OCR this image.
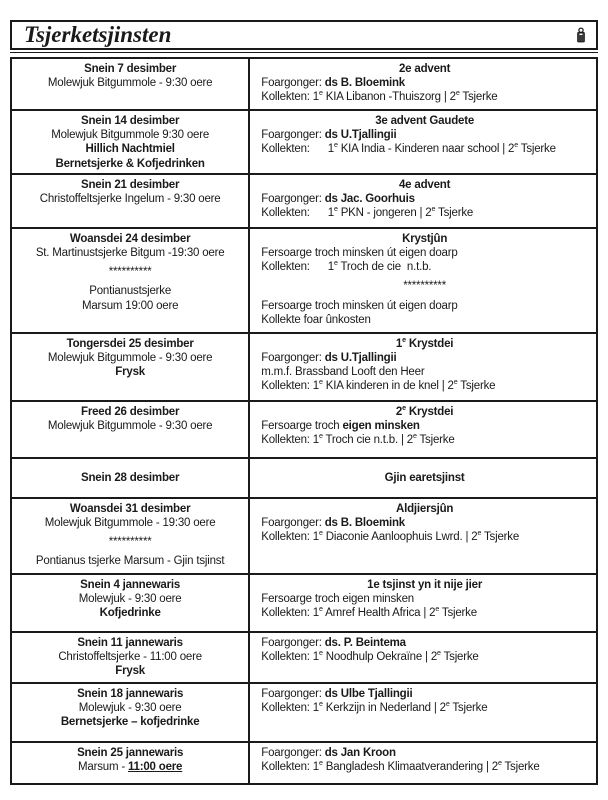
Tsjerketsjinsten
Snein 7 desimber
Molewjuk Bitgummole - 9:30 oere
2e advent
Foargonger: ds B. Bloemink
Kollekten: 1e KIA Libanon -Thuiszorg | 2e Tsjerke
Snein 14 desimber
Molewjuk Bitgummole 9:30 oere
Hillich Nachtmiel
Bernetsjerke & Kofjedrinken
3e advent Gaudete
Foargonger: ds U.Tjallingii
Kollekten:      1e KIA India - Kinderen naar school | 2e Tsjerke
Snein 21 desimber
Christoffeltsjerke Ingelum - 9:30 oere
4e advent
Foargonger: ds Jac. Goorhuis
Kollekten:      1e PKN - jongeren | 2e Tsjerke
Woansdei 24 desimber
St. Martinustsjerke Bitgum -19:30 oere
**********
Pontianustsjerke
Marsum 19:00 oere
Krystjûn
Fersoarge troch minsken út eigen doarp
Kollekten:      1e Troch de cie  n.t.b.
**********
Fersoarge troch minsken út eigen doarp
Kollekte foar ûnkosten
Tongersdei 25 desimber
Molewjuk Bitgummole - 9:30 oere
Frysk
1e Krystdei
Foargonger: ds U.Tjallingii
m.m.f. Brassband Looft den Heer
Kollekten: 1e KIA kinderen in de knel | 2e Tsjerke
Freed 26 desimber
Molewjuk Bitgummole - 9:30 oere
2e Krystdei
Fersoarge troch eigen minsken
Kollekten: 1e Troch cie n.t.b. | 2e Tsjerke
Snein 28 desimber	Gjin earetsjinst
Woansdei 31 desimber
Molewjuk Bitgummole - 19:30 oere
**********
Pontianus tsjerke Marsum - Gjin tsjinst
Aldjiersjûn
Foargonger: ds B. Bloemink
Kollekten: 1e Diaconie Aanloophuis Lwrd. | 2e Tsjerke
Snein 4 jannewaris
Molewjuk - 9:30 oere
Kofjedrinke
1e tsjinst yn it nije jier
Fersoarge troch eigen minsken
Kollekten: 1e Amref Health Africa | 2e Tsjerke
Snein 11 jannewaris
Christoffeltsjerke - 11:00 oere
Frysk
Foargonger: ds. P. Beintema
Kollekten: 1e Noodhulp Oekraïne | 2e Tsjerke
Snein 18 jannewaris
Molewjuk - 9:30 oere
Bernetsjerke – kofjedrinke
Foargonger: ds Ulbe Tjallingii
Kollekten: 1e Kerkzijn in Nederland | 2e Tsjerke
Snein 25 jannewaris
Marsum - 11:00 oere
Foargonger: ds Jan Kroon
Kollekten: 1e Bangladesh Klimaatverandering | 2e Tsjerke
